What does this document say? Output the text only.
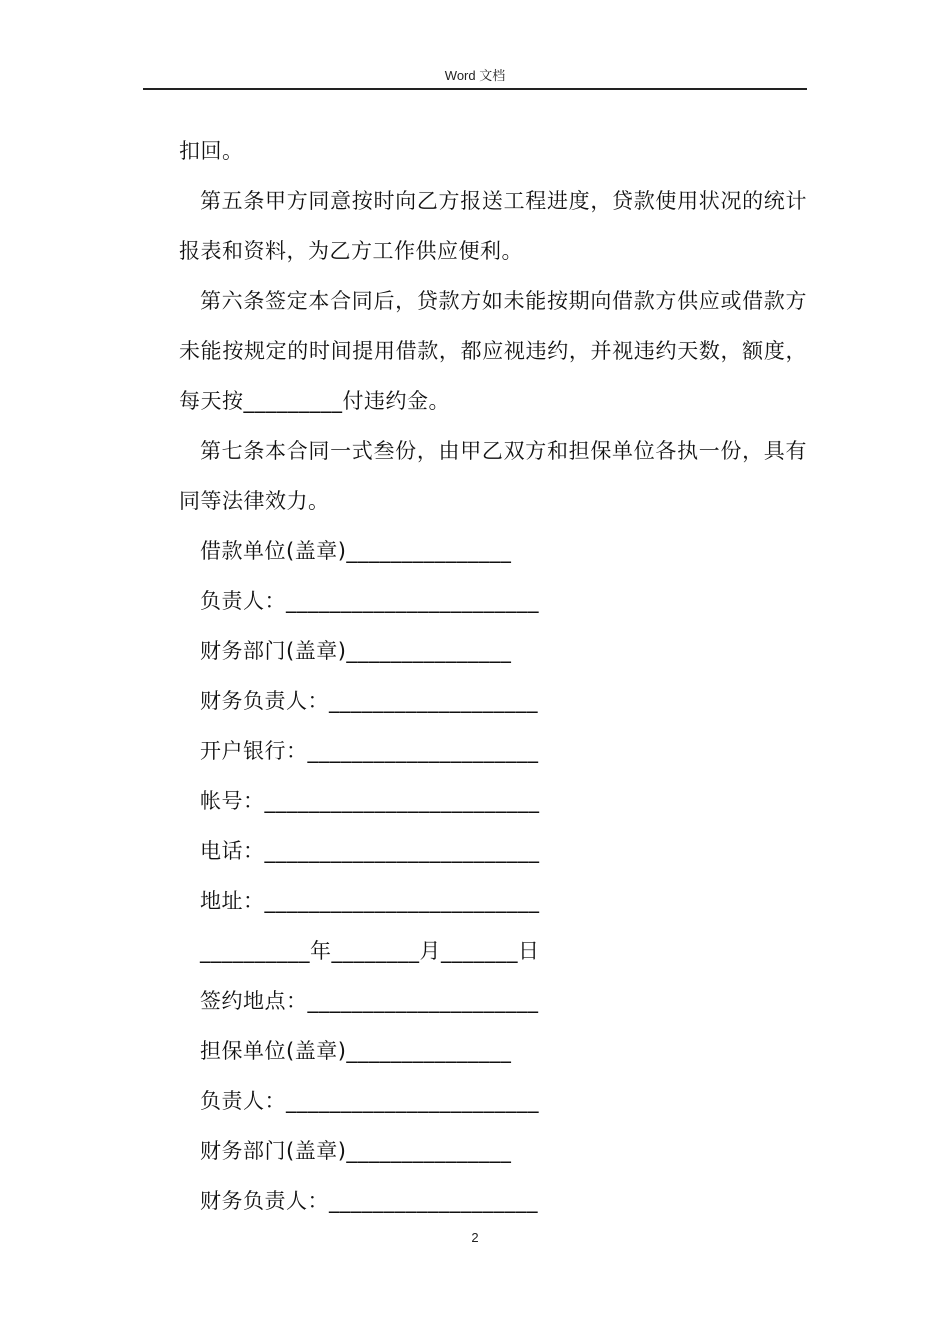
Word 文档

扣回。

第五条甲方同意按时向乙方报送工程进度，贷款使用状况的统计报表和资料，为乙方工作供应便利。

第六条签定本合同后，贷款方如未能按期向借款方供应或借款方未能按规定的时间提用借款，都应视违约，并视违约天数，额度，每天按_________付违约金。

第七条本合同一式叁份，由甲乙双方和担保单位各执一份，具有同等法律效力。

借款单位(盖章)_______________
负责人：_______________________
财务部门(盖章)_______________
财务负责人：___________________
开户银行：_____________________
帐号：_________________________
电话：_________________________
地址：_________________________
__________年________月_______日
签约地点：_____________________
担保单位(盖章)_______________
负责人：_______________________
财务部门(盖章)_______________
财务负责人：___________________
2
